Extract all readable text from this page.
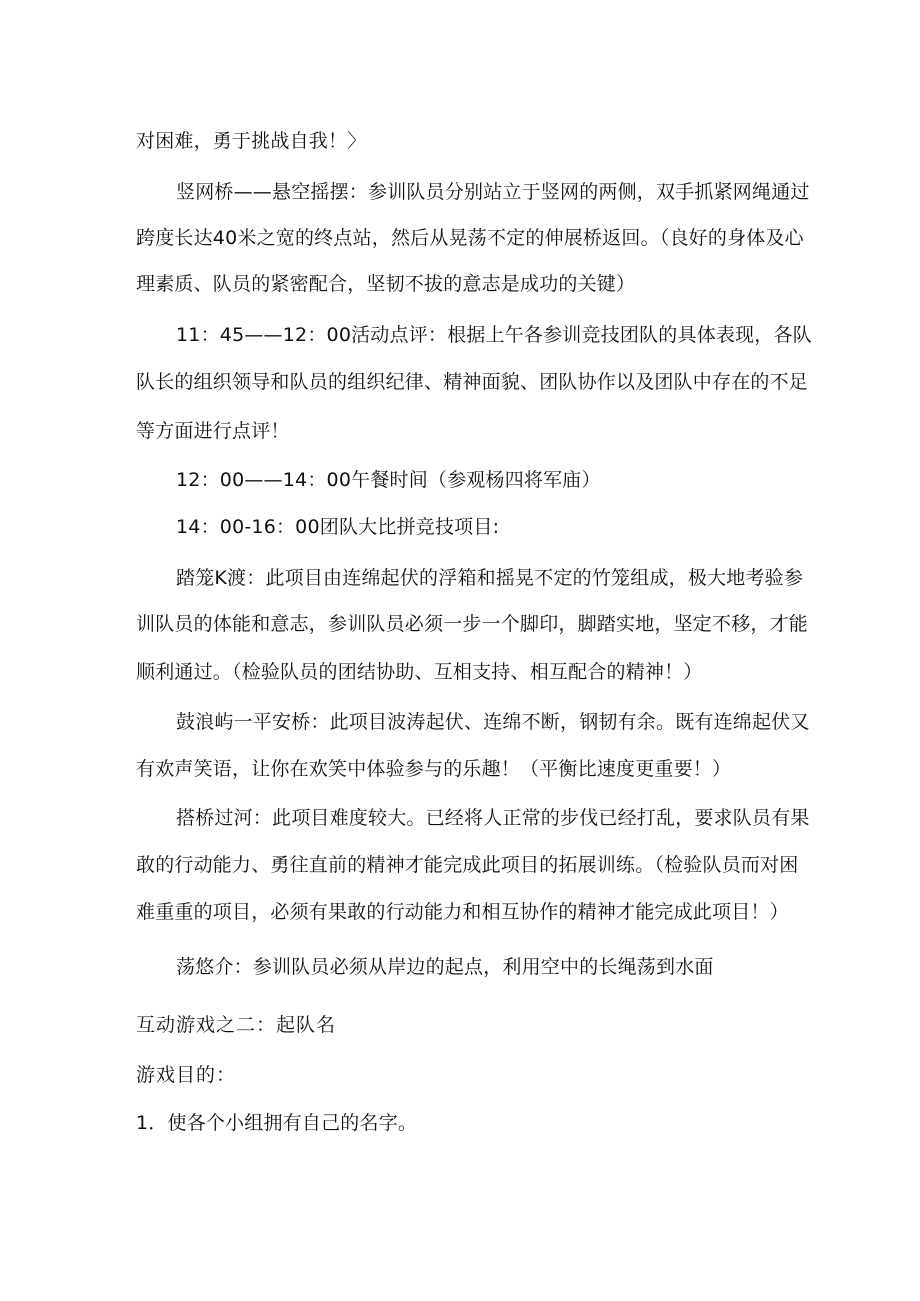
对困难，勇于挑战自我！〉
竖网桥——悬空摇摆：参训队员分别站立于竖网的两侧，双手抓紧网绳通过
跨度长达40米之宽的终点站，然后从晃荡不定的伸展桥返回。（良好的身体及心
理素质、队员的紧密配合，坚韧不拔的意志是成功的关键）
11：45——12：00活动点评：根据上午各参训竞技团队的具体表现，各队
队长的组织领导和队员的组织纪律、精神面貌、团队协作以及团队中存在的不足
等方面进行点评！
12：00——14：00午餐时间（参观杨四将军庙）
14：00-16：00团队大比拼竞技项目:
踏笼K渡：此项目由连绵起伏的浮箱和摇晃不定的竹笼组成，极大地考验参
训队员的体能和意志，参训队员必须一步一个脚印，脚踏实地，坚定不移，才能
顺利通过。（检验队员的团结协助、互相支持、相互配合的精神！）
鼓浪屿一平安桥：此项目波涛起伏、连绵不断，钢韧有余。既有连绵起伏又
有欢声笑语，让你在欢笑中体验参与的乐趣！（平衡比速度更重要！）
搭桥过河：此项目难度较大。已经将人正常的步伐已经打乱，要求队员有果
敢的行动能力、勇往直前的精神才能完成此项目的拓展训练。（检验队员而对困
难重重的项目，必须有果敢的行动能力和相互协作的精神才能完成此项目！）
荡悠介：参训队员必须从岸边的起点，利用空中的长绳荡到水面
互动游戏之二：起队名
游戏目的：
1．使各个小组拥有自己的名字。
